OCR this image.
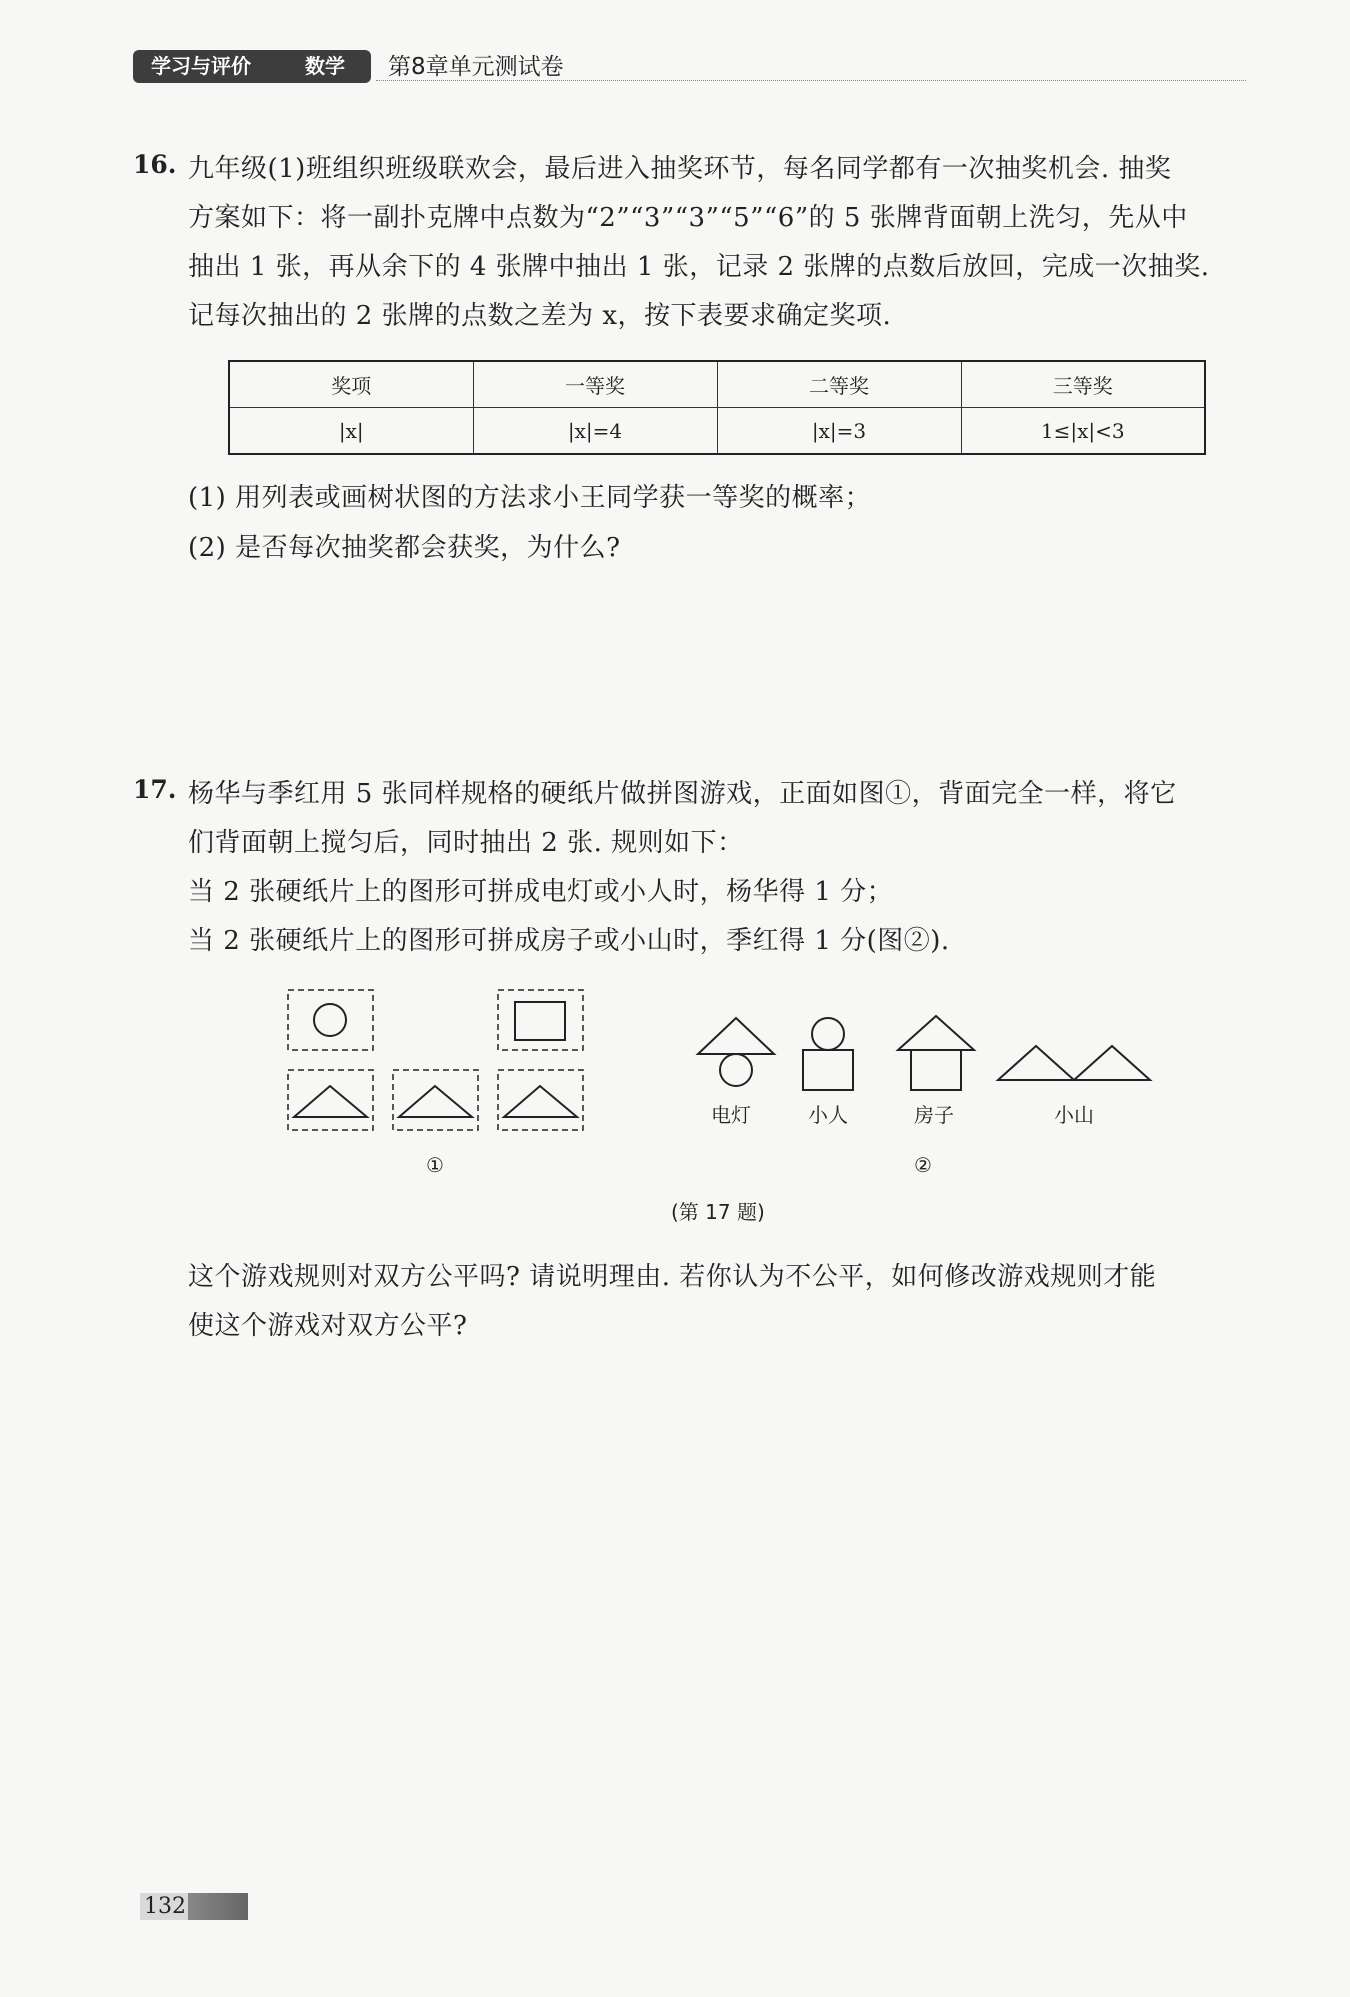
学习与评价	数学 第8章单元测试卷
16. 九年级(1)班组织班级联欢会，最后进入抽奖环节，每名同学都有一次抽奖机会. 抽奖
方案如下：将一副扑克牌中点数为“2”“3”“3”“5”“6”的 5 张牌背面朝上洗匀，先从中
抽出 1 张，再从余下的 4 张牌中抽出 1 张，记录 2 张牌的点数后放回，完成一次抽奖.
记每次抽出的 2 张牌的点数之差为 x，按下表要求确定奖项.
奖项	一等奖	二等奖	三等奖
|x|	|x|=4	|x|=3	1≤|x|<3
(1) 用列表或画树状图的方法求小王同学获一等奖的概率；
(2) 是否每次抽奖都会获奖，为什么?
17. 杨华与季红用 5 张同样规格的硬纸片做拼图游戏，正面如图①，背面完全一样，将它
们背面朝上搅匀后，同时抽出 2 张. 规则如下：
当 2 张硬纸片上的图形可拼成电灯或小人时，杨华得 1 分；
当 2 张硬纸片上的图形可拼成房子或小山时，季红得 1 分(图②).
电灯	小人	房子	小山
①	②
(第 17 题)
这个游戏规则对双方公平吗? 请说明理由. 若你认为不公平，如何修改游戏规则才能
使这个游戏对双方公平?
132
